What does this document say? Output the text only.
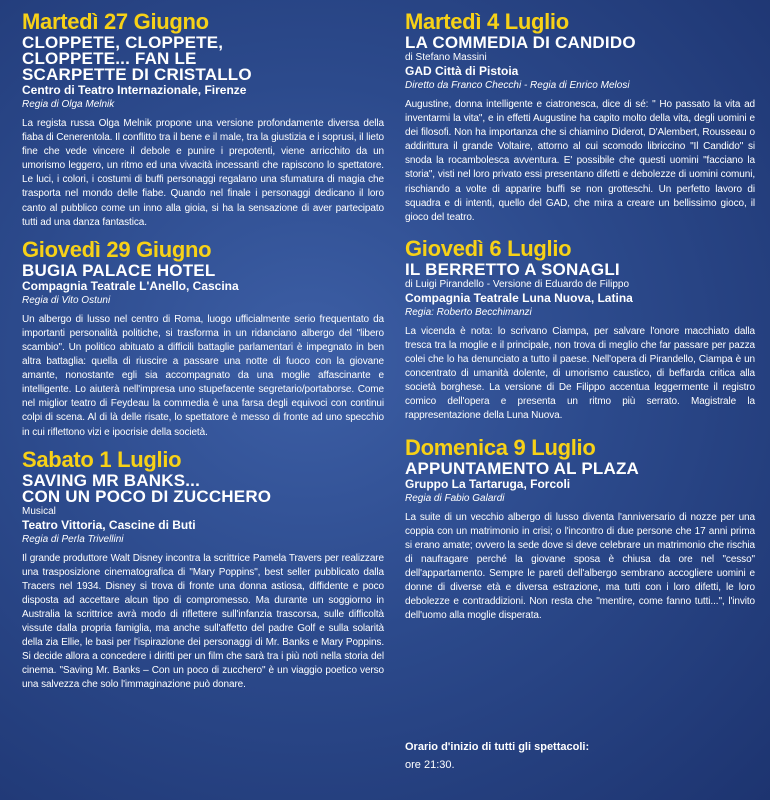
Martedì 27 Giugno
CLOPPETE, CLOPPETE,
CLOPPETE... FAN LE
SCARPETTE DI CRISTALLO
Centro di Teatro Internazionale, Firenze
Regia di Olga Melnik
La regista russa Olga Melnik propone una versione profondamente diversa della fiaba di Cenerentola. Il conflitto tra il bene e il male, tra la giustizia e i soprusi, il lieto fine che vede vincere il debole e punire i prepotenti, viene arricchito da un umorismo leggero, un ritmo ed una vivacità incessanti che rapiscono lo spettatore. Le luci, i colori, i costumi di buffi personaggi regalano una sfumatura di magia che trasporta nel mondo delle fiabe. Quando nel finale i personaggi dedicano il loro canto al pubblico come un inno alla gioia, si ha la sensazione di aver partecipato tutti ad una danza fantastica.
Giovedì 29 Giugno
BUGIA PALACE HOTEL
Compagnia Teatrale L'Anello, Cascina
Regia di Vito Ostuni
Un albergo di lusso nel centro di Roma, luogo ufficialmente serio frequentato da importanti personalità politiche, si trasforma in un ridanciano albergo del "libero scambio". Un politico abituato a difficili battaglie parlamentari è impegnato in ben altra battaglia: quella di riuscire a passare una notte di fuoco con la giovane amante, nonostante egli sia accompagnato da una moglie affascinante e intelligente. Lo aiuterà nell'impresa uno stupefacente segretario/portaborse. Come nel miglior teatro di Feydeau la commedia è una farsa degli equivoci con continui colpi di scena. Al di là delle risate, lo spettatore è messo di fronte ad uno specchio in cui riflettono vizi e ipocrisie della società.
Sabato 1 Luglio
SAVING MR BANKS...
CON UN POCO DI ZUCCHERO
Musical
Teatro Vittoria, Cascine di Buti
Regia di Perla Trivellini
Il grande produttore Walt Disney incontra la scrittrice Pamela Travers per realizzare una trasposizione cinematografica di "Mary Poppins", best seller pubblicato dalla Tracers nel 1934. Disney si trova di fronte una donna astiosa, diffidente e poco disposta ad accettare alcun tipo di compromesso. Ma durante un soggiorno in Australia la scrittrice avrà modo di riflettere sull'infanzia trascorsa, sulle difficoltà vissute dalla propria famiglia, ma anche sull'affetto del padre Golf e sulla solarità della zia Ellie, le basi per l'ispirazione dei personaggi di Mr. Banks e Mary Poppins. Si decide allora a concedere i diritti per un film che sarà tra i più noti nella storia del cinema. "Saving Mr. Banks – Con un poco di zucchero" è un viaggio poetico verso una salvezza che solo l'immaginazione può donare.
Martedì 4 Luglio
LA COMMEDIA DI CANDIDO
di Stefano Massini
GAD Città di Pistoia
Diretto da Franco Checchi - Regia di Enrico Melosi
Augustine, donna intelligente e ciatronesca, dice di sé: " Ho passato la vita ad inventarmi la vita", e in effetti Augustine ha capito molto della vita, degli uomini e dei filosofi. Non ha importanza che si chiamino Diderot, D'Alembert, Rousseau o addirittura il grande Voltaire, attorno al cui scomodo libriccino "Il Candido" si snoda la rocambolesca avventura. E' possibile che questi uomini "facciano la storia", visti nel loro privato essi presentano difetti e debolezze di uomini comuni, rischiando a volte di apparire buffi se non grotteschi. Un perfetto lavoro di squadra e di intenti, quello del GAD, che mira a creare un bellissimo gioco, il gioco del teatro.
Giovedì 6 Luglio
IL BERRETTO A SONAGLI
di Luigi Pirandello - Versione di Eduardo de Filippo
Compagnia Teatrale Luna Nuova, Latina
Regia: Roberto Becchimanzi
La vicenda è nota: lo scrivano Ciampa, per salvare l'onore macchiato dalla tresca tra la moglie e il principale, non trova di meglio che far passare per pazza colei che lo ha denunciato a tutto il paese. Nell'opera di Pirandello, Ciampa è un concentrato di umanità dolente, di umorismo caustico, di beffarda critica alla società borghese. La versione di De Filippo accentua leggermente il registro comico dell'opera e presenta un ritmo più serrato. Magistrale la rappresentazione della Luna Nuova.
Domenica 9 Luglio
APPUNTAMENTO AL PLAZA
Gruppo La Tartaruga, Forcoli
Regia di Fabio Galardi
La suite di un vecchio albergo di lusso diventa l'anniversario di nozze per una coppia con un matrimonio in crisi; o l'incontro di due persone che 17 anni prima si erano amate; ovvero la sede dove si deve celebrare un matrimonio che rischia di naufragare perché la giovane sposa è chiusa da ore nel "cesso" dell'appartamento. Sempre le pareti dell'albergo sembrano accogliere uomini e donne di diverse età e diversa estrazione, ma tutti con i loro difetti, le loro debolezze e contraddizioni. Non resta che "mentire, come fanno tutti...", l'invito dell'uomo alla moglie disperata.
Orario d'inizio di tutti gli spettacoli:
ore 21:30.
